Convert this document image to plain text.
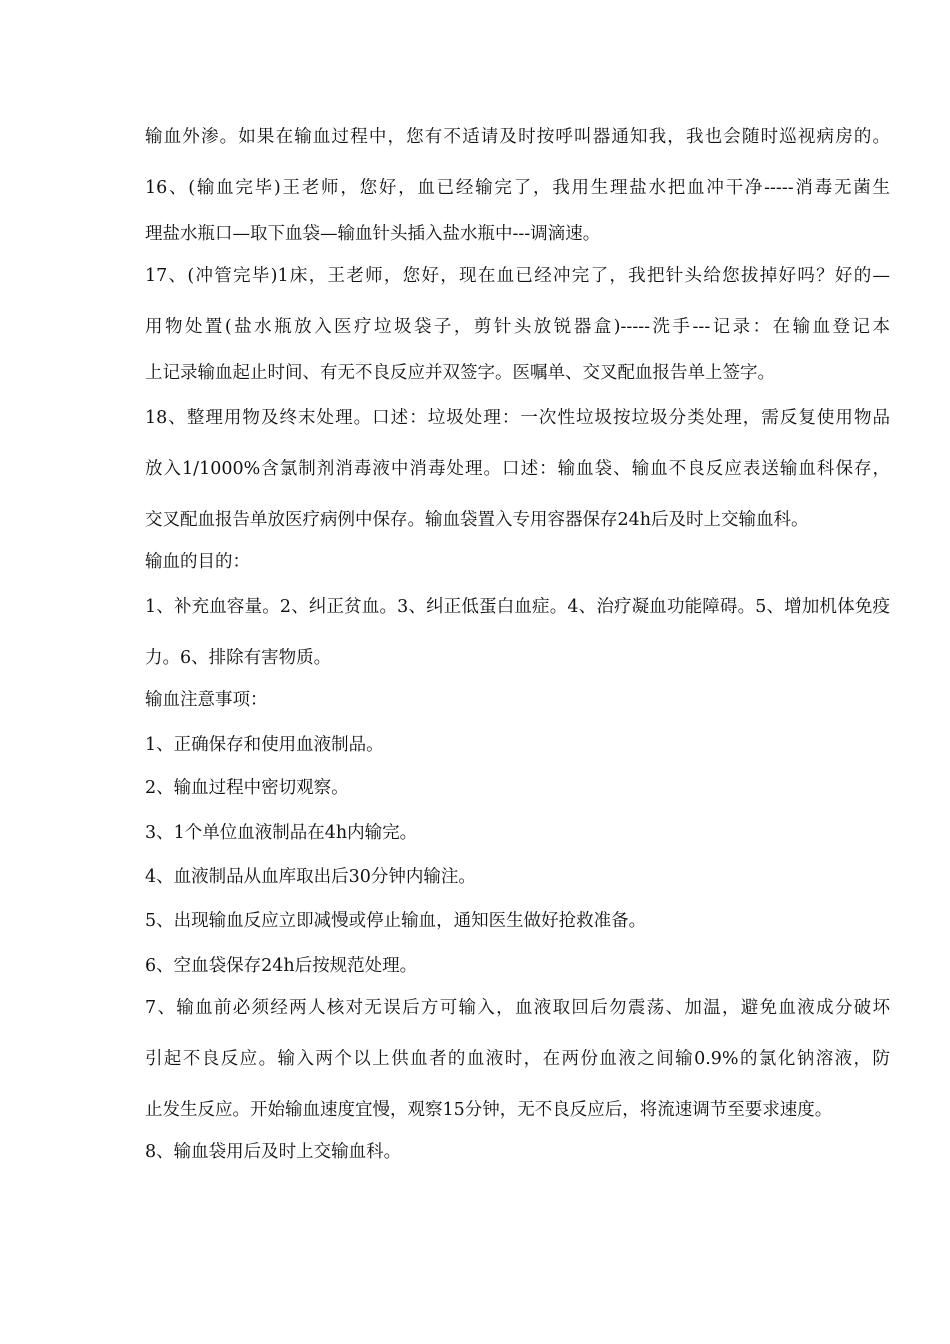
输血外渗。如果在输血过程中，您有不适请及时按呼叫器通知我，我也会随时巡视病房的。
16、(输血完毕)王老师，您好，血已经输完了，我用生理盐水把血冲干净-----消毒无菌生
理盐水瓶口—取下血袋—输血针头插入盐水瓶中---调滴速。
17、(冲管完毕)1床，王老师，您好，现在血已经冲完了，我把针头给您拔掉好吗？好的—
用物处置(盐水瓶放入医疗垃圾袋子，剪针头放锐器盒)-----洗手---记录：在输血登记本
上记录输血起止时间、有无不良反应并双签字。医嘱单、交叉配血报告单上签字。
18、整理用物及终末处理。口述：垃圾处理：一次性垃圾按垃圾分类处理，需反复使用物品
放入1/1000%含氯制剂消毒液中消毒处理。口述：输血袋、输血不良反应表送输血科保存，
交叉配血报告单放医疗病例中保存。输血袋置入专用容器保存24h后及时上交输血科。
输血的目的：
1、补充血容量。2、纠正贫血。3、纠正低蛋白血症。4、治疗凝血功能障碍。5、增加机体免疫
力。6、排除有害物质。
输血注意事项：
1、正确保存和使用血液制品。
2、输血过程中密切观察。
3、1个单位血液制品在4h内输完。
4、血液制品从血库取出后30分钟内输注。
5、出现输血反应立即减慢或停止输血，通知医生做好抢救准备。
6、空血袋保存24h后按规范处理。
7、输血前必须经两人核对无误后方可输入，血液取回后勿震荡、加温，避免血液成分破坏
引起不良反应。输入两个以上供血者的血液时，在两份血液之间输0.9%的氯化钠溶液，防
止发生反应。开始输血速度宜慢，观察15分钟，无不良反应后，将流速调节至要求速度。
8、输血袋用后及时上交输血科。
